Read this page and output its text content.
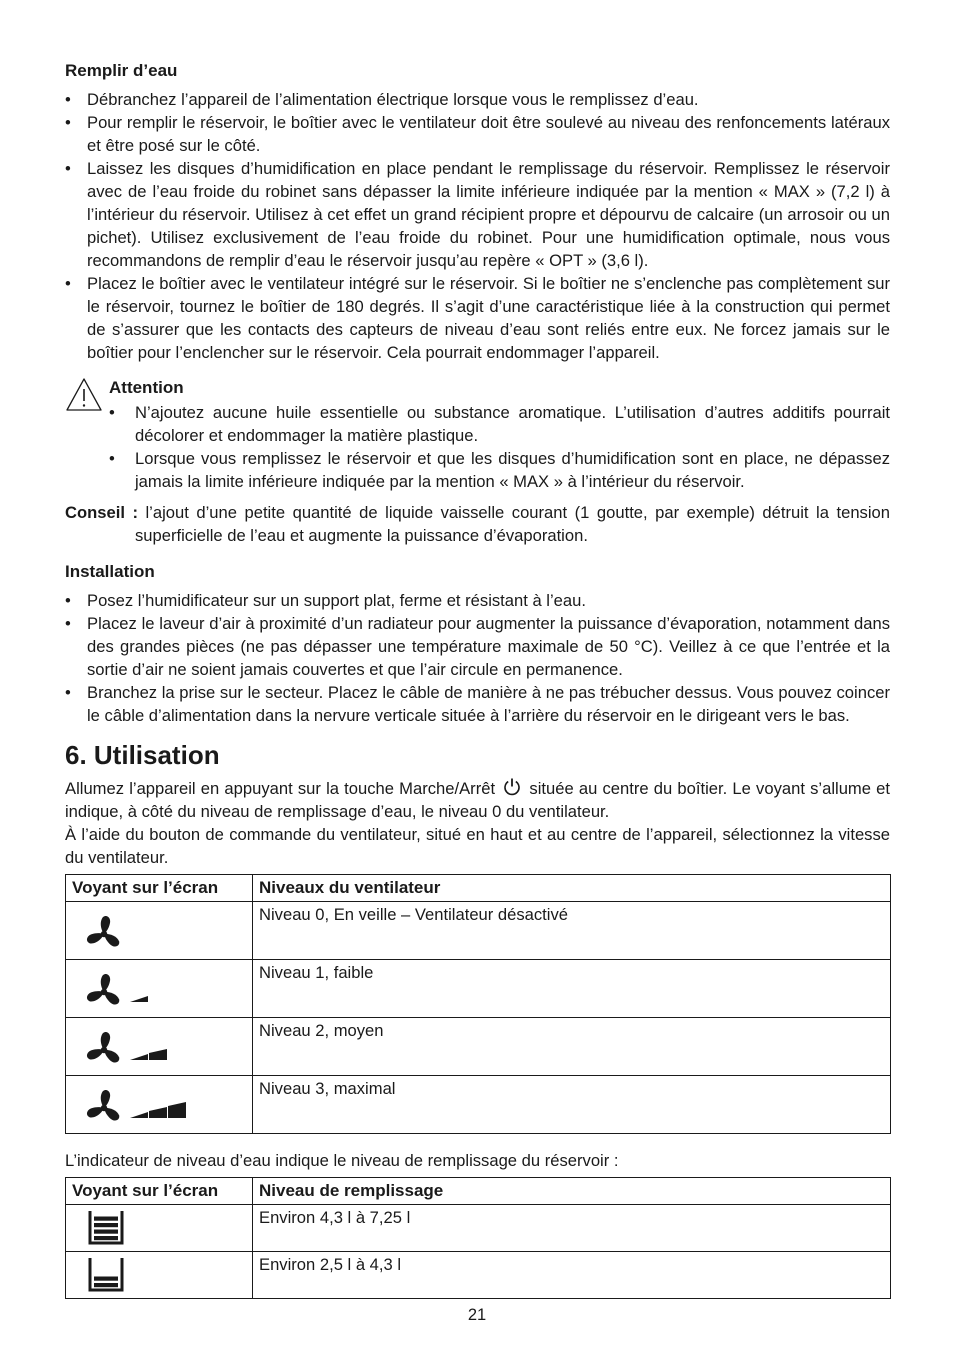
Remplir d’eau
• Débranchez l’appareil de l’alimentation électrique lorsque vous le remplissez d’eau.
• Pour remplir le réservoir, le boîtier avec le ventilateur doit être soulevé au niveau des renfoncements latéraux et être posé sur le côté.
• Laissez les disques d’humidification en place pendant le remplissage du réservoir. Remplissez le réservoir avec de l’eau froide du robinet sans dépasser la limite inférieure indiquée par la mention « MAX » (7,2 l) à l’intérieur du réservoir. Utilisez à cet effet un grand récipient propre et dépourvu de calcaire (un arrosoir ou un pichet). Utilisez exclusivement de l’eau froide du robinet. Pour une humidification optimale, nous vous recommandons de remplir d’eau le réservoir jusqu’au repère « OPT » (3,6 l).
• Placez le boîtier avec le ventilateur intégré sur le réservoir. Si le boîtier ne s’enclenche pas complètement sur le réservoir, tournez le boîtier de 180 degrés. Il s’agit d’une caractéristique liée à la construction qui permet de s’assurer que les contacts des capteurs de niveau d’eau sont reliés entre eux. Ne forcez jamais sur le boîtier pour l’enclencher sur le réservoir. Cela pourrait endommager l’appareil.
Attention
• N’ajoutez aucune huile essentielle ou substance aromatique. L’utilisation d’autres additifs pourrait décolorer et endommager la matière plastique.
• Lorsque vous remplissez le réservoir et que les disques d’humidification sont en place, ne dépassez jamais la limite inférieure indiquée par la mention « MAX » à l’intérieur du réservoir.
Conseil : l’ajout d’une petite quantité de liquide vaisselle courant (1 goutte, par exemple) détruit la tension superficielle de l’eau et augmente la puissance d’évaporation.
Installation
• Posez l’humidificateur sur un support plat, ferme et résistant à l’eau.
• Placez le laveur d’air à proximité d’un radiateur pour augmenter la puissance d’évaporation, notamment dans des grandes pièces (ne pas dépasser une température maximale de 50 °C). Veillez à ce que l’entrée et la sortie d’air ne soient jamais couvertes et que l’air circule en permanence.
• Branchez la prise sur le secteur. Placez le câble de manière à ne pas trébucher dessus. Vous pouvez coincer le câble d’alimentation dans la nervure verticale située à l’arrière du réservoir en le dirigeant vers le bas.
6. Utilisation

Allumez l’appareil en appuyant sur la touche Marche/Arrêt  située au centre du boîtier. Le voyant s’allume et indique, à côté du niveau de remplissage d’eau, le niveau 0 du ventilateur.

À l’aide du bouton de commande du ventilateur, situé en haut et au centre de l’appareil, sélectionnez la vitesse du ventilateur.

Voyant sur l’écran	Niveaux du ventilateur

	Niveau 0, En veille – Ventilateur désactivé

	Niveau 1, faible

	Niveau 2, moyen

	Niveau 3, maximal
L’indicateur de niveau d’eau indique le niveau de remplissage du réservoir :
Voyant sur l’écran	Niveau de remplissage

	Environ 4,3 l à 7,25 l

	Environ 2,5 l à 4,3 l
21
